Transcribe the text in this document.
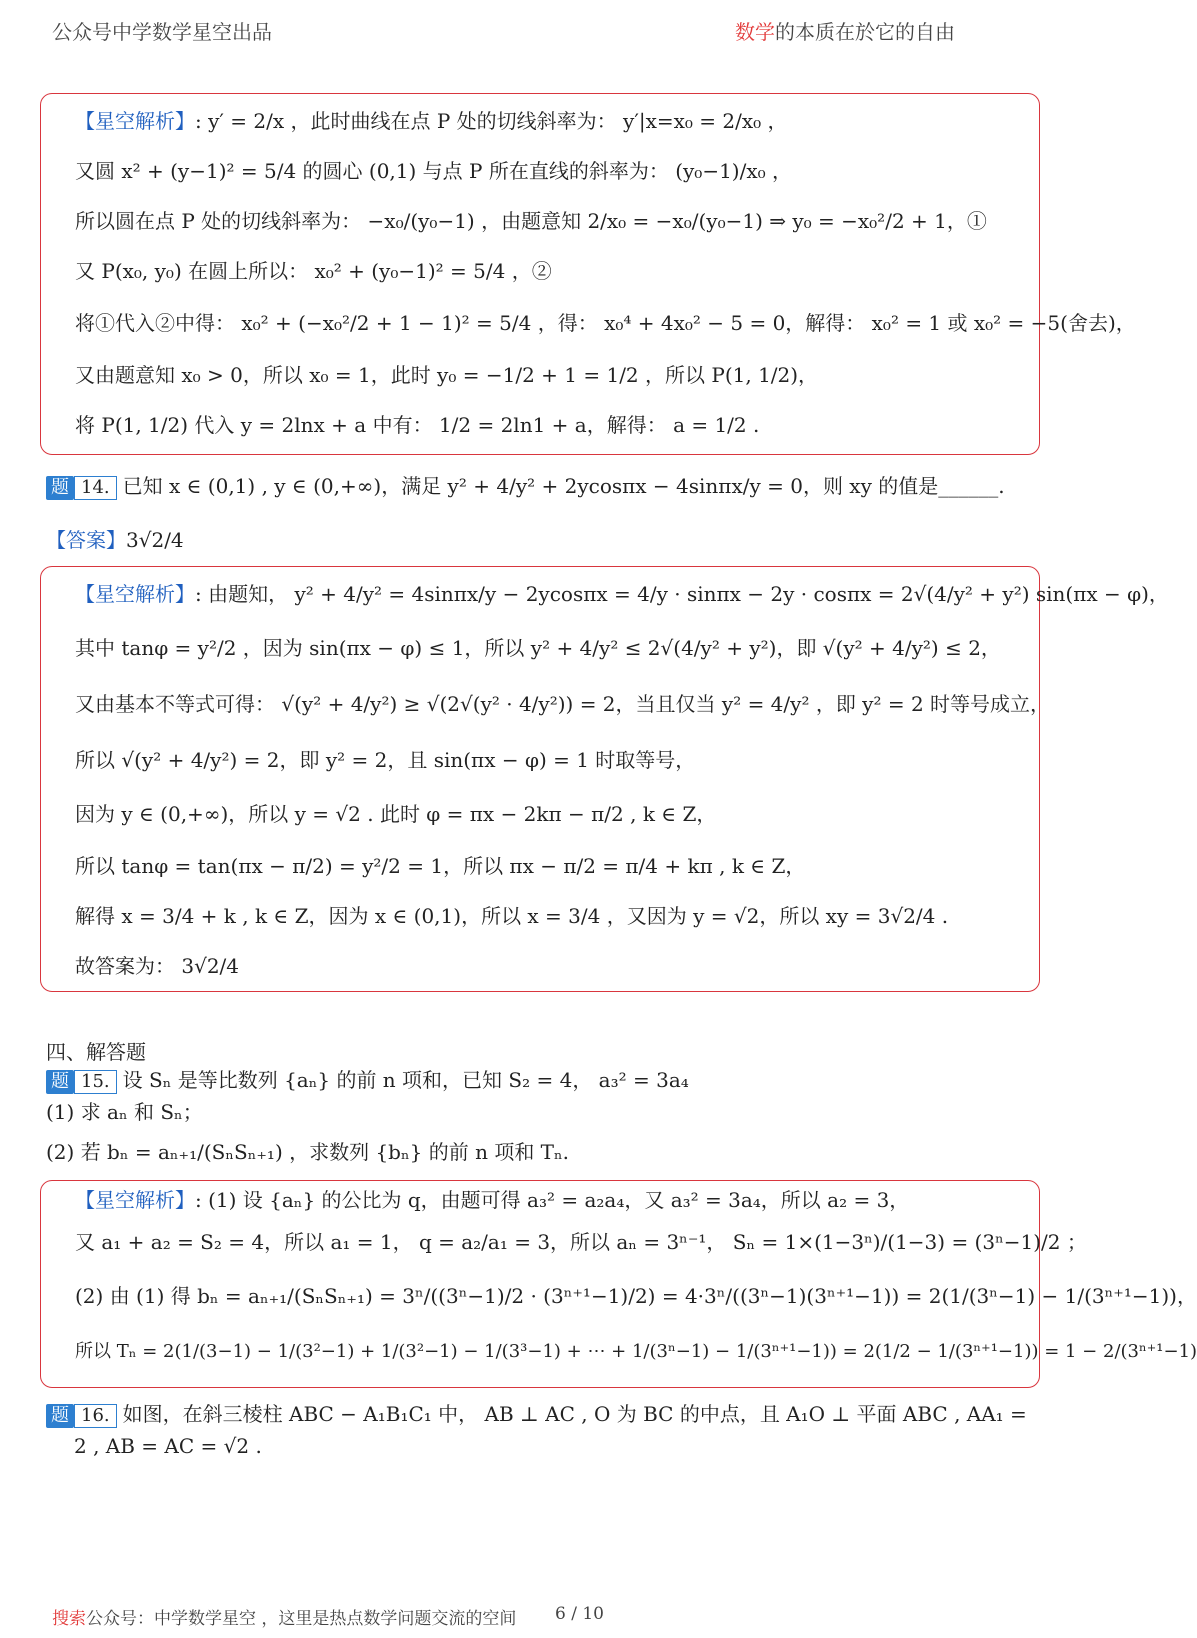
公众号中学数学星空出品	数学的本质在於它的自由
【星空解析】: y′ = 2/x ，此时曲线在点 P 处的切线斜率为： y′|x=x₀ = 2/x₀ ，
又圆 x² + (y−1)² = 5/4 的圆心 (0,1) 与点 P 所在直线的斜率为： (y₀−1)/x₀ ，
所以圆在点 P 处的切线斜率为： −x₀/(y₀−1) ，由题意知 2/x₀ = −x₀/(y₀−1) ⇒ y₀ = −x₀²/2 + 1，①
又 P(x₀, y₀) 在圆上所以： x₀² + (y₀−1)² = 5/4 ，②
将①代入②中得： x₀² + (−x₀²/2 + 1 − 1)² = 5/4 ，得： x₀⁴ + 4x₀² − 5 = 0，解得： x₀² = 1 或 x₀² = −5(舍去)，
又由题意知 x₀ > 0，所以 x₀ = 1，此时 y₀ = −1/2 + 1 = 1/2 ，所以 P(1, 1/2)，
将 P(1, 1/2) 代入 y = 2lnx + a 中有： 1/2 = 2ln1 + a，解得： a = 1/2 .
题 14. 已知 x ∈ (0,1) , y ∈ (0,+∞)，满足 y² + 4/y² + 2ycosπx − 4sinπx/y = 0，则 xy 的值是______.
【答案】3√2/4
【星空解析】: 由题知， y² + 4/y² = 4sinπx/y − 2ycosπx = 4/y · sinπx − 2y · cosπx = 2√(4/y² + y²) sin(πx − φ)，
其中 tanφ = y²/2 ，因为 sin(πx − φ) ≤ 1，所以 y² + 4/y² ≤ 2√(4/y² + y²)，即 √(y² + 4/y²) ≤ 2，
又由基本不等式可得： √(y² + 4/y²) ≥ √(2√(y² · 4/y²)) = 2，当且仅当 y² = 4/y² ，即 y² = 2 时等号成立，
所以 √(y² + 4/y²) = 2，即 y² = 2，且 sin(πx − φ) = 1 时取等号，
因为 y ∈ (0,+∞)，所以 y = √2 . 此时 φ = πx − 2kπ − π/2 , k ∈ Z，
所以 tanφ = tan(πx − π/2) = y²/2 = 1，所以 πx − π/2 = π/4 + kπ , k ∈ Z，
解得 x = 3/4 + k , k ∈ Z，因为 x ∈ (0,1)，所以 x = 3/4 ，又因为 y = √2，所以 xy = 3√2/4 .
故答案为： 3√2/4
四、解答题
题 15. 设 Sₙ 是等比数列 {aₙ} 的前 n 项和，已知 S₂ = 4， a₃² = 3a₄
(1) 求 aₙ 和 Sₙ；
(2) 若 bₙ = aₙ₊₁/(SₙSₙ₊₁) ，求数列 {bₙ} 的前 n 项和 Tₙ.
【星空解析】: (1) 设 {aₙ} 的公比为 q，由题可得 a₃² = a₂a₄，又 a₃² = 3a₄，所以 a₂ = 3，
又 a₁ + a₂ = S₂ = 4，所以 a₁ = 1， q = a₂/a₁ = 3，所以 aₙ = 3ⁿ⁻¹， Sₙ = 1×(1−3ⁿ)/(1−3) = (3ⁿ−1)/2 ；
(2) 由 (1) 得 bₙ = aₙ₊₁/(SₙSₙ₊₁) = 3ⁿ/((3ⁿ−1)/2 · (3ⁿ⁺¹−1)/2) = 4·3ⁿ/((3ⁿ−1)(3ⁿ⁺¹−1)) = 2(1/(3ⁿ−1) − 1/(3ⁿ⁺¹−1))，
所以 Tₙ = 2(1/(3−1) − 1/(3²−1) + 1/(3²−1) − 1/(3³−1) + ⋯ + 1/(3ⁿ−1) − 1/(3ⁿ⁺¹−1)) = 2(1/2 − 1/(3ⁿ⁺¹−1)) = 1 − 2/(3ⁿ⁺¹−1)
题 16. 如图，在斜三棱柱 ABC − A₁B₁C₁ 中， AB ⊥ AC , O 为 BC 的中点，且 A₁O ⊥ 平面 ABC , AA₁ =
2 , AB = AC = √2 .
搜索公众号：中学数学星空 ，这里是热点数学问题交流的空间 6 / 10
